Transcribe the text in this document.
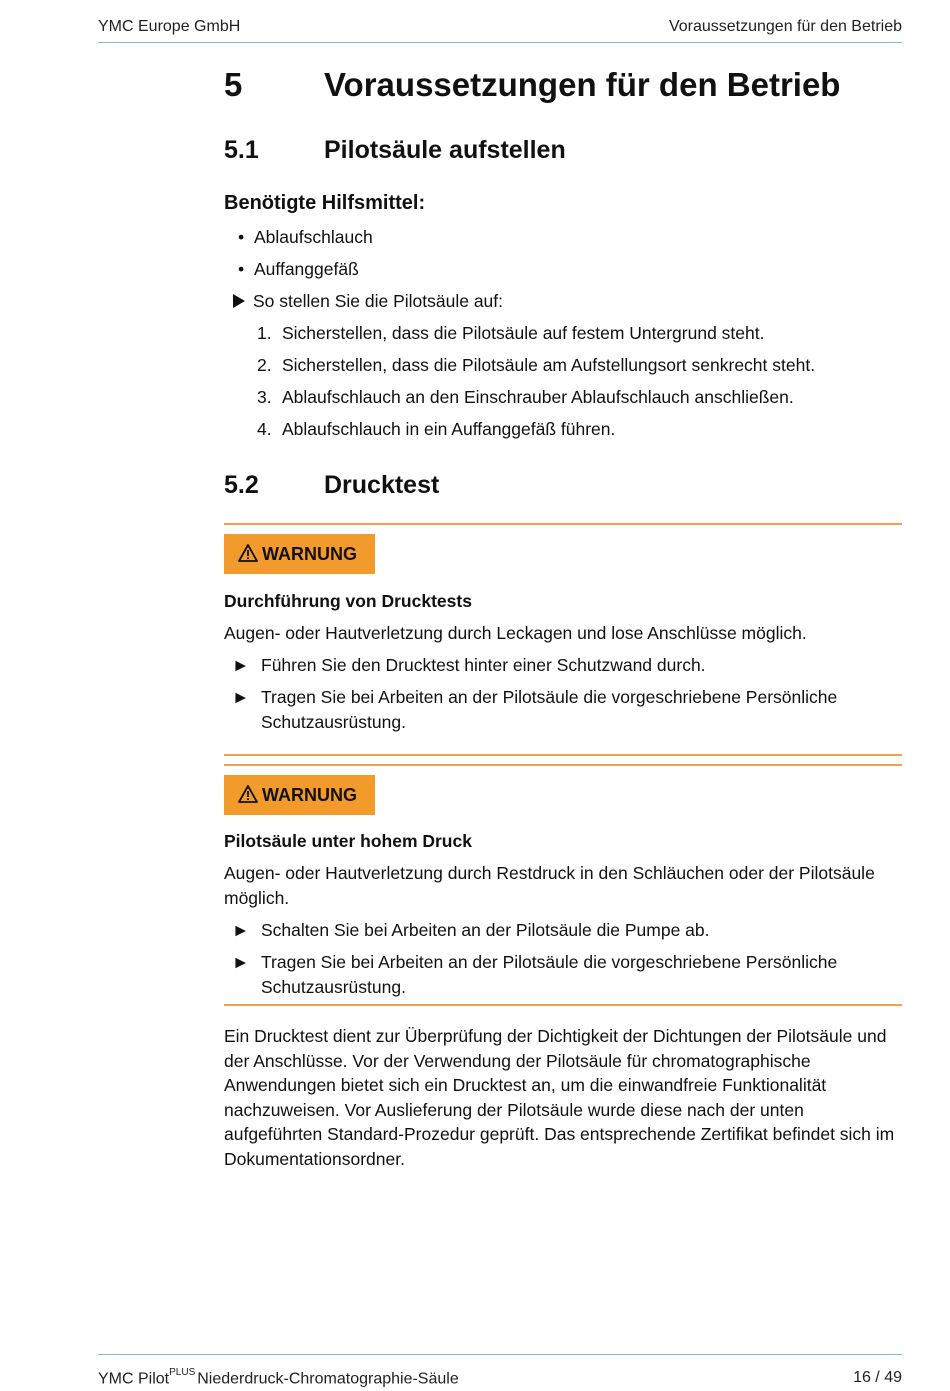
YMC Europe GmbH	Voraussetzungen für den Betrieb
5 Voraussetzungen für den Betrieb
5.1	Pilotsäule aufstellen
Benötigte Hilfsmittel:
• Ablaufschlauch
• Auffanggefäß
So stellen Sie die Pilotsäule auf:
1. Sicherstellen, dass die Pilotsäule auf festem Untergrund steht.
2. Sicherstellen, dass die Pilotsäule am Aufstellungsort senkrecht steht.
3. Ablaufschlauch an den Einschrauber Ablaufschlauch anschließen.
4. Ablaufschlauch in ein Auffanggefäß führen.
5.2	Drucktest
WARNUNG
Durchführung von Drucktests
Augen- oder Hautverletzung durch Leckagen und lose Anschlüsse möglich.
► Führen Sie den Drucktest hinter einer Schutzwand durch.
► Tragen Sie bei Arbeiten an der Pilotsäule die vorgeschriebene Persönliche Schutzausrüstung.
WARNUNG
Pilotsäule unter hohem Druck
Augen- oder Hautverletzung durch Restdruck in den Schläuchen oder der Pilotsäule möglich.
► Schalten Sie bei Arbeiten an der Pilotsäule die Pumpe ab.
► Tragen Sie bei Arbeiten an der Pilotsäule die vorgeschriebene Persönliche Schutzausrüstung.
Ein Drucktest dient zur Überprüfung der Dichtigkeit der Dichtungen der Pilotsäule und der Anschlüsse. Vor der Verwendung der Pilotsäule für chromatographische Anwendungen bietet sich ein Drucktest an, um die einwandfreie Funktionalität nachzuweisen. Vor Auslieferung der Pilotsäule wurde diese nach der unten aufgeführten Standard-Prozedur geprüft. Das entsprechende Zertifikat befindet sich im Dokumentationsordner.
YMC Pilot$^{PLUS}$ Niederdruck-Chromatographie-Säule	16 / 49
